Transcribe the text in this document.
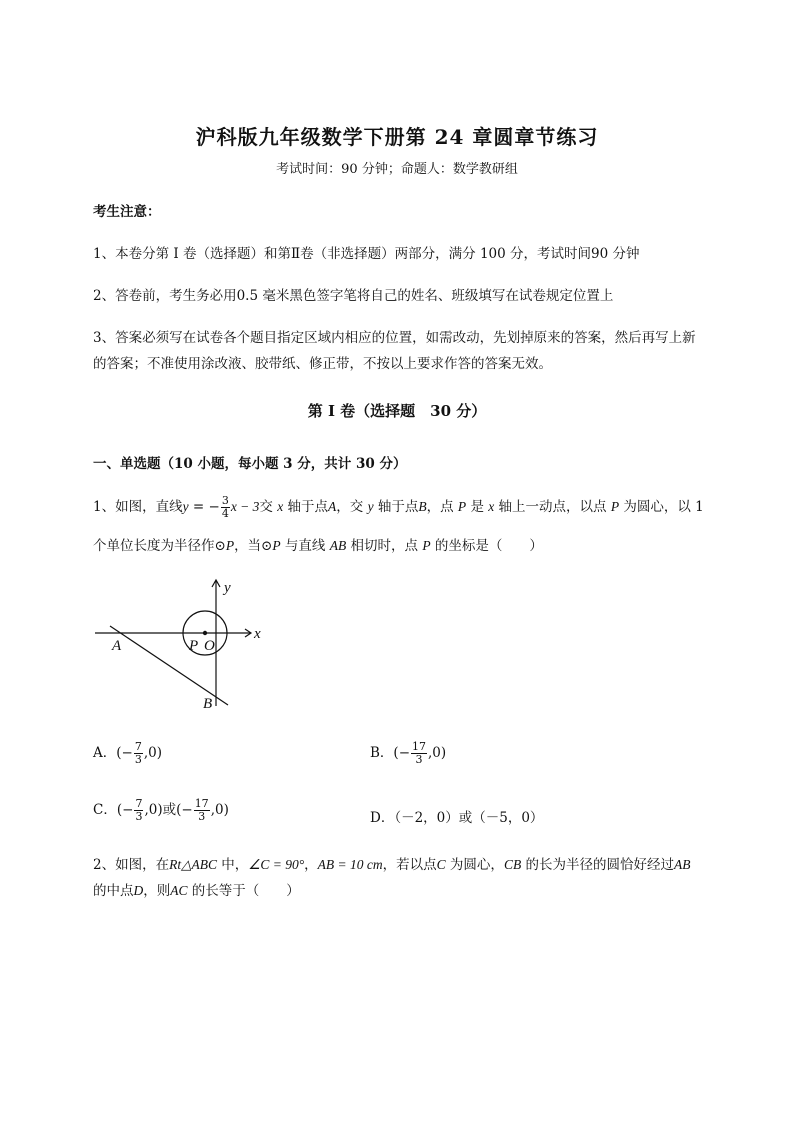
沪科版九年级数学下册第 24 章圆章节练习
考试时间：90 分钟；命题人：数学教研组
考生注意：
1、本卷分第 I 卷（选择题）和第Ⅱ卷（非选择题）两部分，满分 100 分，考试时间90 分钟
2、答卷前，考生务必用0.5 毫米黑色签字笔将自己的姓名、班级填写在试卷规定位置上
3、答案必须写在试卷各个题目指定区域内相应的位置，如需改动，先划掉原来的答案，然后再写上新
的答案；不准使用涂改液、胶带纸、修正带，不按以上要求作答的答案无效。
第 I 卷（选择题　30 分）
一、单选题（10 小题，每小题 3 分，共计 30 分）
1、如图，直线y = − $\frac{3}{4}$ x − 3交 x 轴于点A，交 y 轴于点B，点 P 是 x 轴上一动点，以点 P 为圆心，以 1
个单位长度为半径作⊙P，当⊙P 与直线 AB 相切时，点 P 的坐标是（　　）
y
x
A
B
P O
A．(− $\frac{7}{3} ,0$)	B．(− $\frac{17}{3} ,0$)
C．(− $\frac{7}{3} ,0$)或(− $\frac{17}{3} ,0$)	D．（－2，0）或（－5，0）
2、如图，在Rt△ABC 中，∠C = 90°，AB = 10 cm，若以点C 为圆心，CB 的长为半径的圆恰好经过AB
的中点D，则AC 的长等于（　　）
